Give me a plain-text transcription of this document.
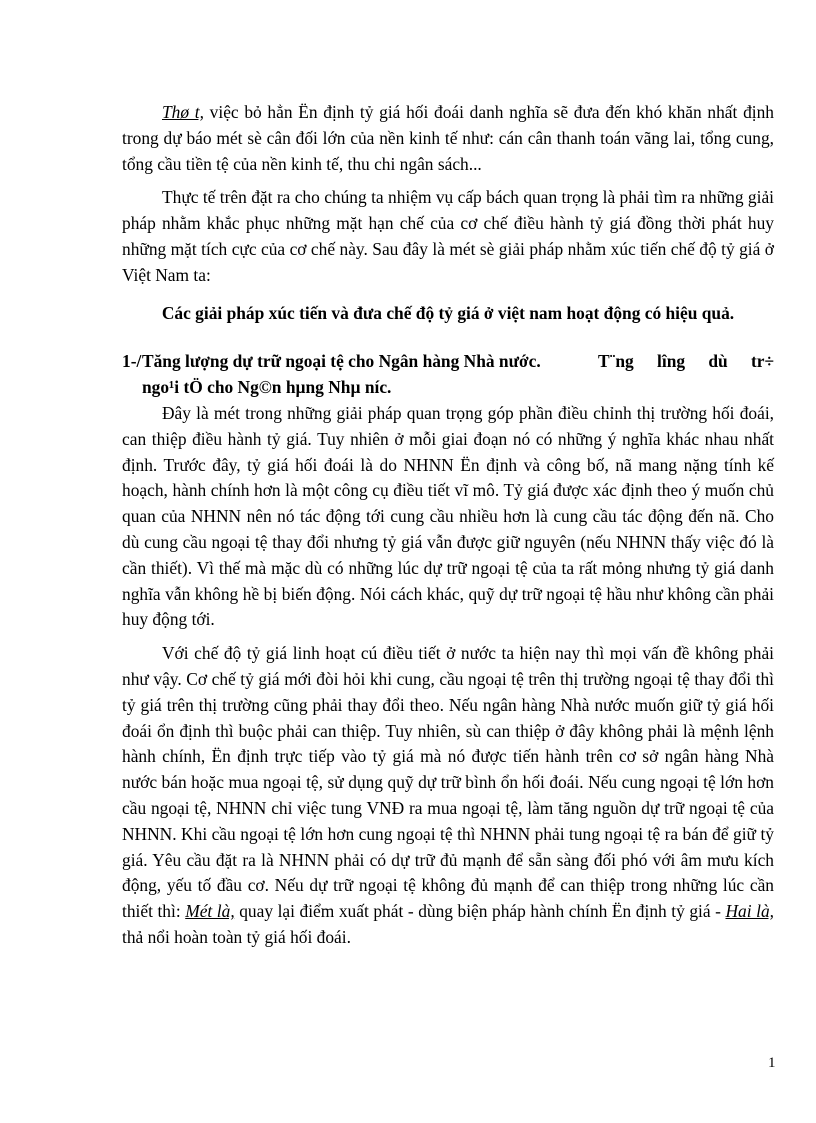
Thø t, việc bỏ hẳn Ën định tỷ giá hối đoái danh nghĩa sẽ đưa đến khó khăn nhất định trong dự báo mét sè cân đối lớn của nền kinh tế như: cán cân thanh toán vãng lai, tổng cung, tổng cầu tiền tệ của nền kinh tế, thu chi ngân sách...

Thực tế trên đặt ra cho chúng ta nhiệm vụ cấp bách quan trọng là phải tìm ra những giải pháp nhằm khắc phục những mặt hạn chế của cơ chế điều hành tỷ giá đồng thời phát huy những mặt tích cực của cơ chế này. Sau đây là mét sè giải pháp nhằm xúc tiến chế độ tỷ giá ở Việt Nam ta:

Các giải pháp xúc tiến và đưa chế độ tỷ giá ở việt nam hoạt động có hiệu quả.

1-/Tăng lượng dự trữ ngoại tệ cho Ngân hàng Nhà nước.	T¨ng lîng dù tr÷
ngo¹i tÖ cho Ng©n hµng Nhµ níc.

Đây là mét trong những giải pháp quan trọng góp phần điều chỉnh thị trường hối đoái, can thiệp điều hành tỷ giá. Tuy nhiên ở mỗi giai đoạn nó có những ý nghĩa khác nhau nhất định. Trước đây, tỷ giá hối đoái là do NHNN Ën định và công bố, nã mang nặng tính kế hoạch, hành chính hơn là một công cụ điều tiết vĩ mô. Tỷ giá được xác định theo ý muốn chủ quan của NHNN nên nó tác động tới cung cầu nhiều hơn là cung cầu tác động đến nã. Cho dù cung cầu ngoại tệ thay đổi nhưng tỷ giá vẫn được giữ nguyên (nếu NHNN thấy việc đó là cần thiết). Vì thế mà mặc dù có những lúc dự trữ ngoại tệ của ta rất mỏng nhưng tỷ giá danh nghĩa vẫn không hề bị biến động. Nói cách khác, quỹ dự trữ ngoại tệ hầu như không cần phải huy động tới.

Với chế độ tỷ giá linh hoạt cú điều tiết ở nước ta hiện nay thì mọi vấn đề không phải như vậy. Cơ chế tỷ giá mới đòi hỏi khi cung, cầu ngoại tệ trên thị trường ngoại tệ thay đổi thì tỷ giá trên thị trường cũng phải thay đổi theo. Nếu ngân hàng Nhà nước muốn giữ tỷ giá hối đoái ổn định thì buộc phải can thiệp. Tuy nhiên, sù can thiệp ở đây không phải là mệnh lệnh hành chính, Ën định trực tiếp vào tỷ giá mà nó được tiến hành trên cơ sở ngân hàng Nhà nước bán hoặc mua ngoại tệ, sử dụng quỹ dự trữ bình ổn hối đoái. Nếu cung ngoại tệ lớn hơn cầu ngoại tệ, NHNN chỉ việc tung VNĐ ra mua ngoại tệ, làm tăng nguồn dự trữ ngoại tệ của NHNN. Khi cầu ngoại tệ lớn hơn cung ngoại tệ thì NHNN phải tung ngoại tệ ra bán để giữ tỷ giá. Yêu cầu đặt ra là NHNN phải có dự trữ đủ mạnh để sẵn sàng đối phó với âm mưu kích động, yếu tố đầu cơ. Nếu dự trữ ngoại tệ không đủ mạnh để can thiệp trong những lúc cần thiết thì: Mét là, quay lại điểm xuất phát - dùng biện pháp hành chính Ën định tỷ giá - Hai là, thả nổi hoàn toàn tỷ giá hối đoái.

1
